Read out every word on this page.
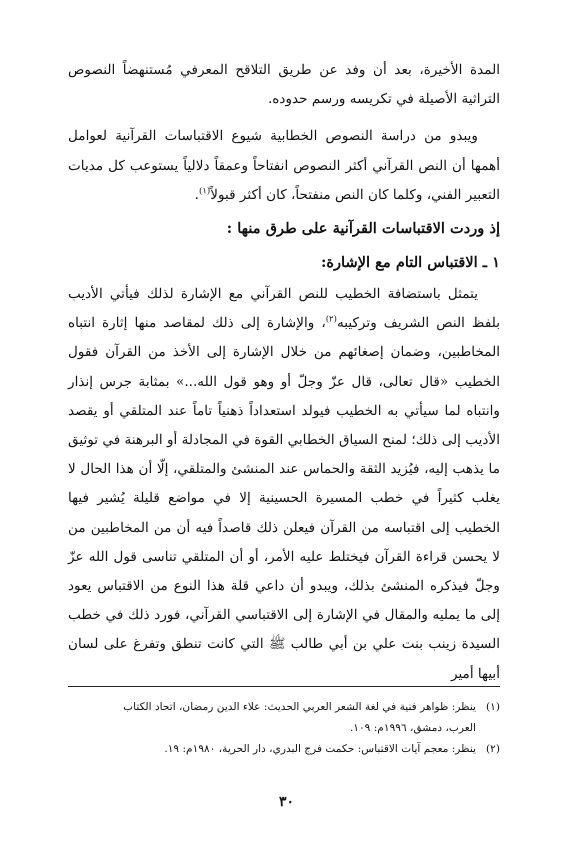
المدة الأخيرة، بعد أن وفد عن طريق التلاقح المعرفي مُستنهضاً النصوص التراثية الأصيلة في تكريسه ورسم حدوده.

ويبدو من دراسة النصوص الخطابية شيوع الاقتباسات القرآنية لعوامل أهمها أن النص القرآني أكثر النصوص انفتاحاً وعمقاً دلالياً يستوعب كل مديات التعبير الفني، وكلما كان النص منفتحاً، كان أكثر قبولاً$^{(١)}$.

إذ وردت الاقتباسات القرآنية على طرق منها :
١ ـ الاقتباس التام مع الإشارة:

يتمثل باستضافة الخطيب للنص القرآني مع الإشارة لذلك فيأتي الأديب بلفظ النص الشريف وتركيبه$^{(٢)}$، والإشارة إلى ذلك لمقاصد منها إثارة انتباه المخاطبين، وضمان إصغائهم من خلال الإشارة إلى الأخذ من القرآن فقول الخطيب «قال تعالى، قال عزّ وجلّ أو وهو قول الله...» بمثابة جرس إنذار وانتباه لما سيأتي به الخطيب فيولد استعداداً ذهنياً تاماً عند المتلقي أو يقصد الأديب إلى ذلك؛ لمنح السياق الخطابي القوة في المجادلة أو البرهنة في توثيق ما يذهب إليه، فيُزيد الثقة والحماس عند المنشئ والمتلقي، إلّا أن هذا الحال لا يغلب كثيراً في خطب المسيرة الحسينية إلا في مواضع قليلة يُشير فيها الخطيب إلى اقتباسه من القرآن فيعلن ذلك قاصداً فيه أن من المخاطبين من لا يحسن قراءة القرآن فيختلط عليه الأمر، أو أن المتلقي تناسى قول الله عزّ وجلّ فيذكره المنشئ بذلك، ويبدو أن داعي قلة هذا النوع من الاقتباس يعود إلى ما يمليه والمقال في الإشارة إلى الاقتباسي القرآني، فورد ذلك في خطب السيدة زينب بنت علي بن أبي طالب ﷺ التي كانت تنطق وتفرغ على لسان أبيها أمير

(١)ينظر: ظواهر فنية في لغة الشعر العربي الحديث: علاء الدين رمضان، اتحاد الكتاب

العرب، دمشق، ١٩٩٦م: ١٠٩.

(٢)ينظر: معجم آيات الاقتباس: حكمت فرج البدري، دار الحرية، ١٩٨٠م: ١٩.

٣٠
